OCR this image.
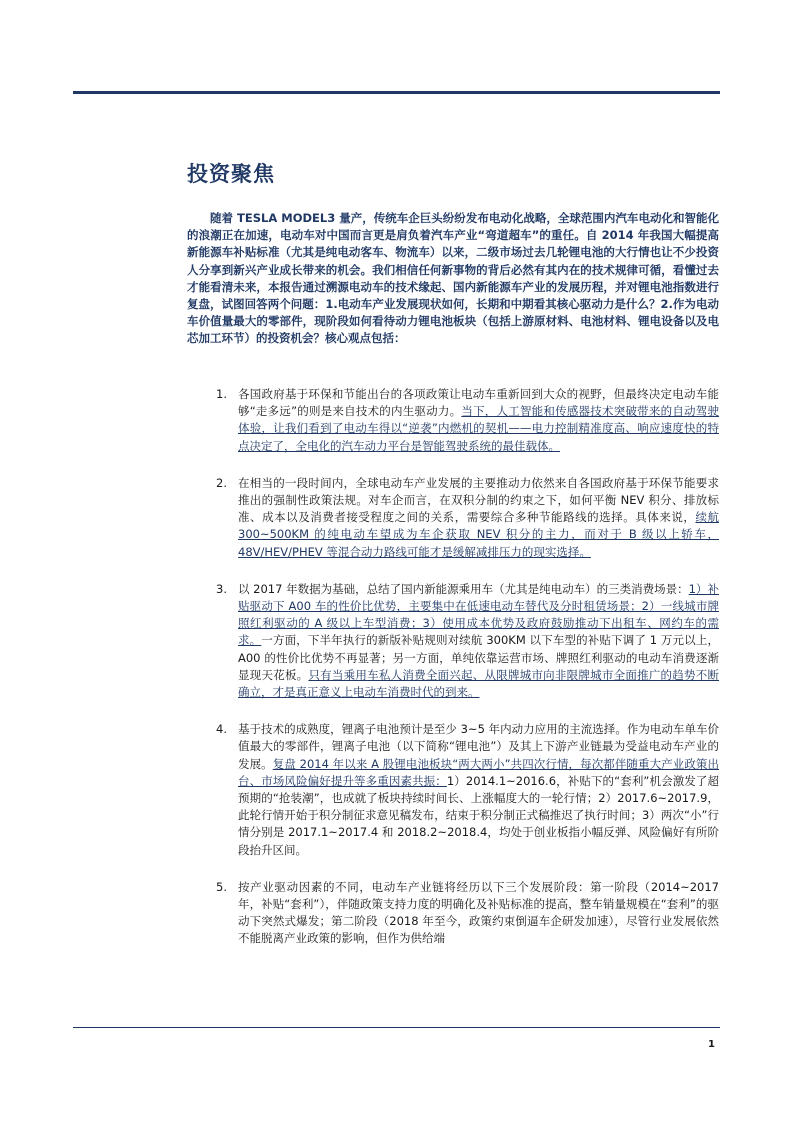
投资聚焦

随着 TESLA MODEL3 量产，传统车企巨头纷纷发布电动化战略，全球范围内汽车电动化和智能化的浪潮正在加速，电动车对中国而言更是肩负着汽车产业“弯道超车”的重任。自 2014 年我国大幅提高新能源车补贴标准（尤其是纯电动客车、物流车）以来，二级市场过去几轮锂电池的大行情也让不少投资人分享到新兴产业成长带来的机会。我们相信任何新事物的背后必然有其内在的技术规律可循，看懂过去才能看清未来，本报告通过溯源电动车的技术缘起、国内新能源车产业的发展历程，并对锂电池指数进行复盘，试图回答两个问题：1.电动车产业发展现状如何，长期和中期看其核心驱动力是什么？2.作为电动车价值量最大的零部件，现阶段如何看待动力锂电池板块（包括上游原材料、电池材料、锂电设备以及电芯加工环节）的投资机会？核心观点包括：

1. 各国政府基于环保和节能出台的各项政策让电动车重新回到大众的视野，但最终决定电动车能够“走多远”的则是来自技术的内生驱动力。当下，人工智能和传感器技术突破带来的自动驾驶体验，让我们看到了电动车得以“逆袭”内燃机的契机——电力控制精准度高、响应速度快的特点决定了，全电化的汽车动力平台是智能驾驶系统的最佳载体。
2. 在相当的一段时间内，全球电动车产业发展的主要推动力依然来自各国政府基于环保节能要求推出的强制性政策法规。对车企而言，在双积分制的约束之下，如何平衡 NEV 积分、排放标准、成本以及消费者接受程度之间的关系，需要综合多种节能路线的选择。具体来说，续航 300~500KM 的纯电动车望成为车企获取 NEV 积分的主力，而对于 B 级以上轿车，48V/HEV/PHEV 等混合动力路线可能才是缓解减排压力的现实选择。
3. 以 2017 年数据为基础，总结了国内新能源乘用车（尤其是纯电动车）的三类消费场景：1）补贴驱动下 A00 车的性价比优势，主要集中在低速电动车替代及分时租赁场景；2）一线城市牌照红利驱动的 A 级以上车型消费；3）使用成本优势及政府鼓励推动下出租车、网约车的需求。一方面，下半年执行的新版补贴规则对续航 300KM 以下车型的补贴下调了 1 万元以上，A00 的性价比优势不再显著；另一方面，单纯依靠运营市场、牌照红利驱动的电动车消费逐渐显现天花板。只有当乘用车私人消费全面兴起、从限牌城市向非限牌城市全面推广的趋势不断确立，才是真正意义上电动车消费时代的到来。
4. 基于技术的成熟度，锂离子电池预计是至少 3~5 年内动力应用的主流选择。作为电动车单车价值最大的零部件，锂离子电池（以下简称“锂电池”）及其上下游产业链最为受益电动车产业的发展。复盘 2014 年以来 A 股锂电池板块“两大两小”共四次行情，每次都伴随重大产业政策出台、市场风险偏好提升等多重因素共振：1）2014.1~2016.6，补贴下的“套利”机会激发了超预期的“抢装潮”，也成就了板块持续时间长、上涨幅度大的一轮行情；2）2017.6~2017.9，此轮行情开始于积分制征求意见稿发布，结束于积分制正式稿推迟了执行时间；3）两次“小”行情分别是 2017.1~2017.4 和 2018.2~2018.4，均处于创业板指小幅反弹、风险偏好有所阶段抬升区间。
5. 按产业驱动因素的不同，电动车产业链将经历以下三个发展阶段：第一阶段（2014~2017 年，补贴“套利”），伴随政策支持力度的明确化及补贴标准的提高，整车销量规模在“套利”的驱动下突然式爆发；第二阶段（2018 年至今，政策约束倒逼车企研发加速），尽管行业发展依然不能脱离产业政策的影响，但作为供给端
1
